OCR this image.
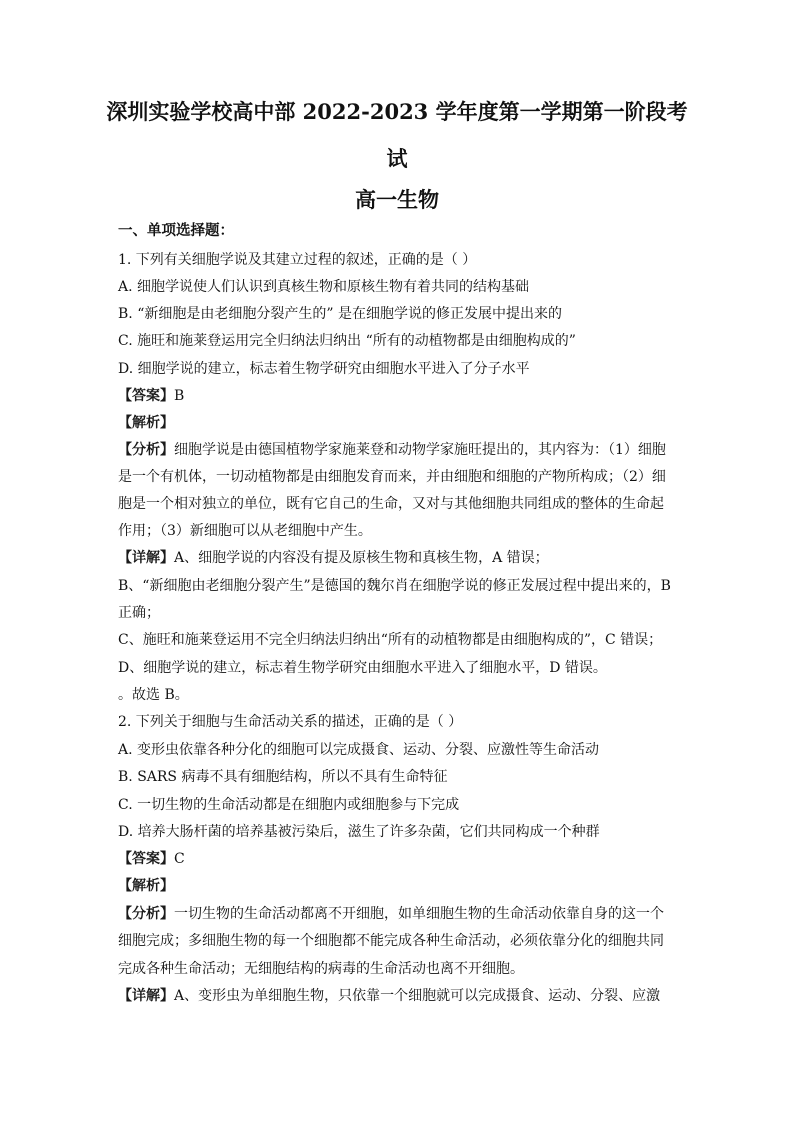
深圳实验学校高中部 2022-2023 学年度第一学期第一阶段考
试
高一生物
一、单项选择题：
1. 下列有关细胞学说及其建立过程的叙述，正确的是（ ）
A. 细胞学说使人们认识到真核生物和原核生物有着共同的结构基础
B. “新细胞是由老细胞分裂产生的” 是在细胞学说的修正发展中提出来的
C. 施旺和施莱登运用完全归纳法归纳出 “所有的动植物都是由细胞构成的”
D. 细胞学说的建立，标志着生物学研究由细胞水平进入了分子水平
【答案】B
【解析】
【分析】细胞学说是由德国植物学家施莱登和动物学家施旺提出的，其内容为：（1）细胞
是一个有机体，一切动植物都是由细胞发育而来，并由细胞和细胞的产物所构成；（2）细
胞是一个相对独立的单位，既有它自己的生命，又对与其他细胞共同组成的整体的生命起
作用；（3）新细胞可以从老细胞中产生。
【详解】A、细胞学说的内容没有提及原核生物和真核生物，A 错误；
B、“新细胞由老细胞分裂产生”是德国的魏尔肖在细胞学说的修正发展过程中提出来的，B
正确；
C、施旺和施莱登运用不完全归纳法归纳出“所有的动植物都是由细胞构成的”，C 错误；
D、细胞学说的建立，标志着生物学研究由细胞水平进入了细胞水平，D 错误。
。故选 B。
2. 下列关于细胞与生命活动关系的描述，正确的是（ ）
A. 变形虫依靠各种分化的细胞可以完成摄食、运动、分裂、应激性等生命活动
B. SARS 病毒不具有细胞结构，所以不具有生命特征
C. 一切生物的生命活动都是在细胞内或细胞参与下完成
D. 培养大肠杆菌的培养基被污染后，滋生了许多杂菌，它们共同构成一个种群
【答案】C
【解析】
【分析】一切生物的生命活动都离不开细胞，如单细胞生物的生命活动依靠自身的这一个
细胞完成；多细胞生物的每一个细胞都不能完成各种生命活动，必须依靠分化的细胞共同
完成各种生命活动；无细胞结构的病毒的生命活动也离不开细胞。
【详解】A、变形虫为单细胞生物，只依靠一个细胞就可以完成摄食、运动、分裂、应激
